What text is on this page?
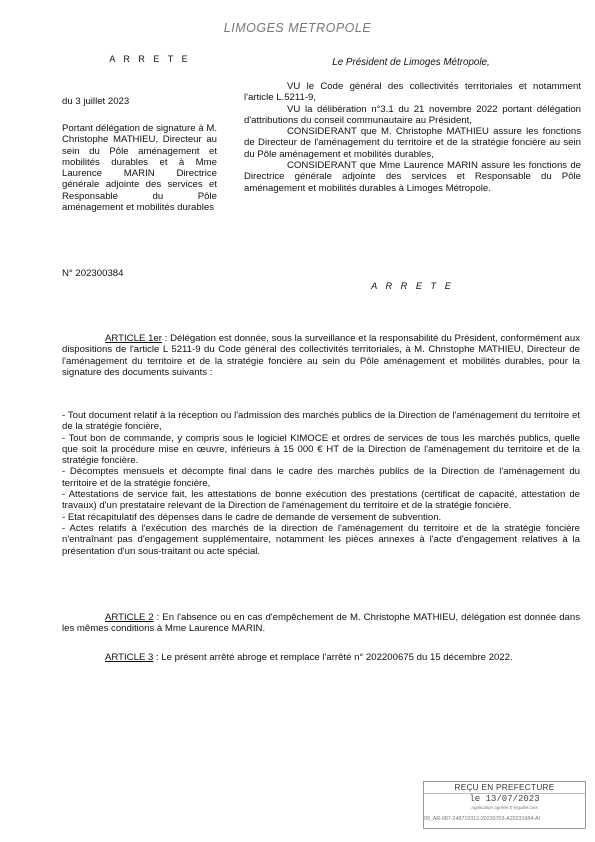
LIMOGES METROPOLE
A R R E T E	Le Président de Limoges Métropole,
du 3 juillet 2023
Portant délégation de signature à M. Christophe MATHIEU, Directeur au sein du Pôle aménagement et mobilités durables et à Mme Laurence MARIN Directrice générale adjointe des services et Responsable du Pôle aménagement et mobilités durables
N° 202300384

VU le Code général des collectivités territoriales et notamment l'article L.5211-9,

VU la délibération n°3.1 du 21 novembre 2022 portant délégation d'attributions du conseil communautaire au Président,

CONSIDERANT que M. Christophe MATHIEU assure les fonctions de Directeur de l'aménagement du territoire et de la stratégie foncière au sein du Pôle aménagement et mobilités durables,

CONSIDERANT que Mme Laurence MARIN assure les fonctions de Directrice générale adjointe des services et Responsable du Pôle aménagement et mobilités durables à Limoges Métropole.

A R R E T E
ARTICLE 1er : Délégation est donnée, sous la surveillance et la responsabilité du Président, conformément aux dispositions de l'article L 5211-9 du Code général des collectivités territoriales, à M. Christophe MATHIEU, Directeur de l'aménagement du territoire et de la stratégie foncière au sein du Pôle aménagement et mobilités durables, pour la signature des documents suivants :

- Tout document relatif à la réception ou l'admission des marchés publics de la Direction de l'aménagement du territoire et de la stratégie foncière,

- Tout bon de commande, y compris sous le logiciel KIMOCE et ordres de services de tous les marchés publics, quelle que soit la procédure mise en œuvre, inférieurs à 15 000 € HT de la Direction de l'aménagement du territoire et de la stratégie foncière.

- Décomptes mensuels et décompte final dans le cadre des marchés publics de la Direction de l'aménagement du territoire et de la stratégie foncière,

- Attestations de service fait, les attestations de bonne exécution des prestations (certificat de capacité, attestation de travaux) d'un prestataire relevant de la Direction de l'aménagement du territoire et de la stratégie foncière.

- Etat récapitulatif des dépenses dans le cadre de demande de versement de subvention.

- Actes relatifs à l'exécution des marchés de la direction de l'aménagement du territoire et de la stratégie foncière n'entraînant pas d'engagement supplémentaire, notamment les pièces annexes à l'acte d'engagement relatives à la présentation d'un sous-traitant ou acte spécial.

ARTICLE 2 : En l'absence ou en cas d'empêchement de M. Christophe MATHIEU, délégation est donnée dans les mêmes conditions à Mme Laurence MARIN.
ARTICLE 3 : Le présent arrêté abroge et remplace l'arrêté n° 202200675 du 15 décembre 2022.
REÇU EN PREFECTURE
le 13/07/2023
Application agréée E-legalite.com
99_AR-087-248719312-20230703-A20231984-AI
